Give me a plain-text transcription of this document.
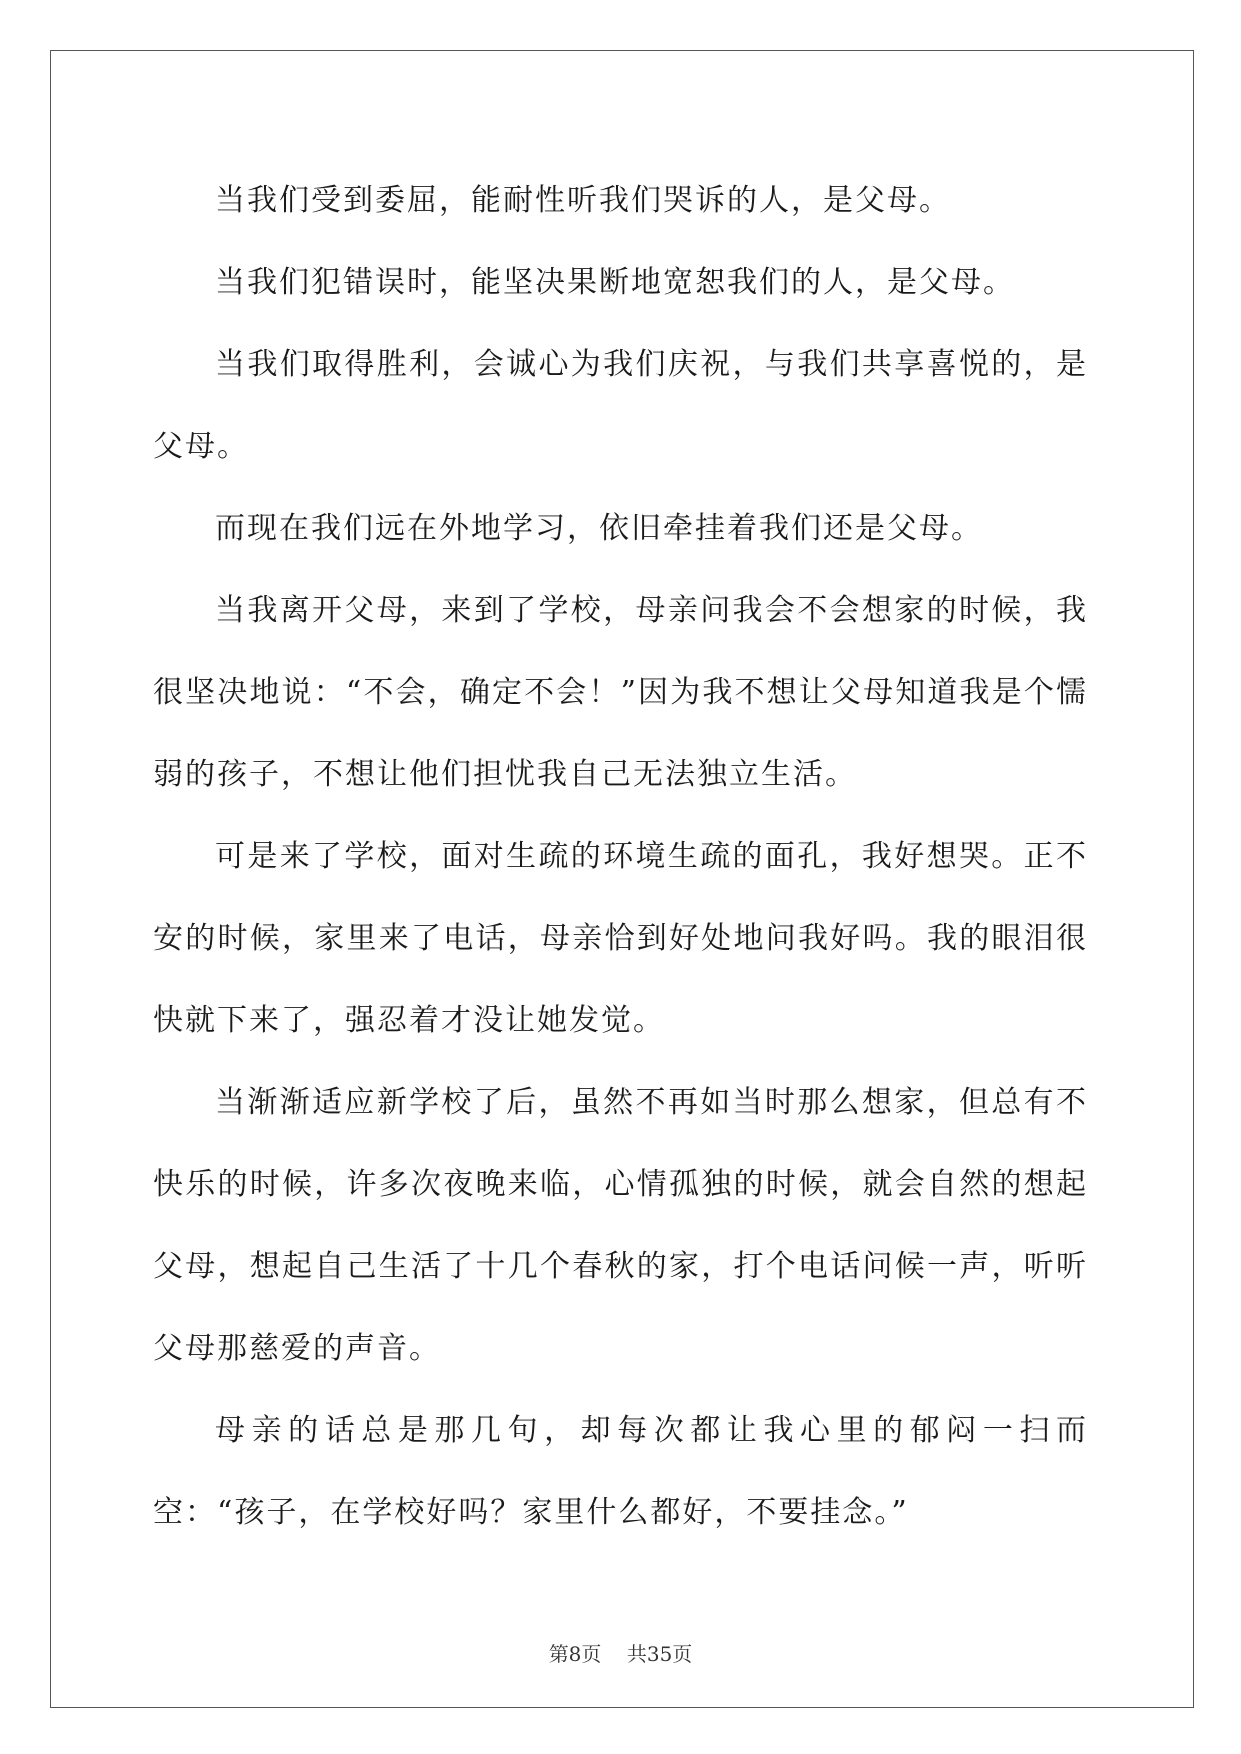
当我们受到委屈，能耐性听我们哭诉的人，是父母。

当我们犯错误时，能坚决果断地宽恕我们的人，是父母。

当我们取得胜利，会诚心为我们庆祝，与我们共享喜悦的，是父母。

而现在我们远在外地学习，依旧牵挂着我们还是父母。

当我离开父母，来到了学校，母亲问我会不会想家的时候，我很坚决地说：“不会，确定不会！”因为我不想让父母知道我是个懦弱的孩子，不想让他们担忧我自己无法独立生活。

可是来了学校，面对生疏的环境生疏的面孔，我好想哭。正不安的时候，家里来了电话，母亲恰到好处地问我好吗。我的眼泪很快就下来了，强忍着才没让她发觉。

当渐渐适应新学校了后，虽然不再如当时那么想家，但总有不快乐的时候，许多次夜晚来临，心情孤独的时候，就会自然的想起父母，想起自己生活了十几个春秋的家，打个电话问候一声，听听父母那慈爱的声音。

母亲的话总是那几句，却每次都让我心里的郁闷一扫而空：“孩子，在学校好吗？家里什么都好，不要挂念。”

第8页 共35页
